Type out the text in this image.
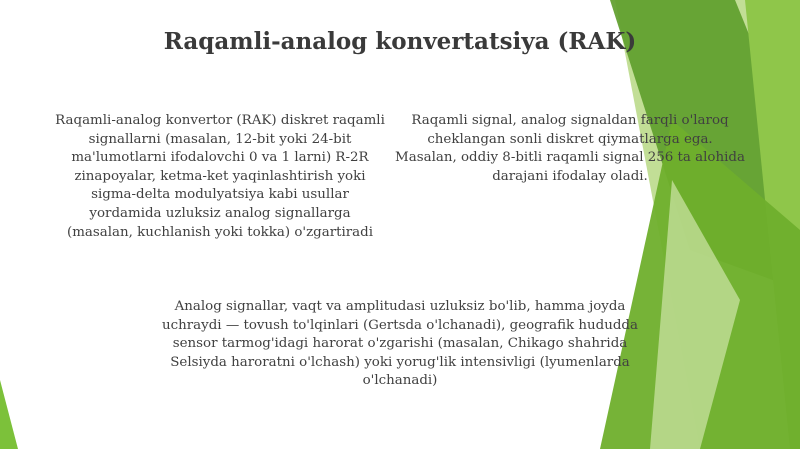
Raqamli-analog konvertatsiya (RAK)

Raqamli-analog konvertor (RAK) diskret raqamli signallarni (masalan, 12-bit yoki 24-bit ma'lumotlarni ifodalovchi 0 va 1 larni) R-2R zinapoyalar, ketma-ket yaqinlashtirish yoki sigma-delta modulyatsiya kabi usullar yordamida uzluksiz analog signallarga (masalan, kuchlanish yoki tokka) o'zgartiradi

Raqamli signal, analog signaldan farqli o'laroq cheklangan sonli diskret qiymatlarga ega. Masalan, oddiy 8-bitli raqamli signal 256 ta alohida darajani ifodalay oladi.

Analog signallar, vaqt va amplitudasi uzluksiz bo'lib, hamma joyda uchraydi — tovush to'lqinlari (Gertsda o'lchanadi), geografik hududda sensor tarmog'idagi harorat o'zgarishi (masalan, Chikago shahrida Selsiyda haroratni o'lchash) yoki yorug'lik intensivligi (lyumenlarda o'lchanadi)
